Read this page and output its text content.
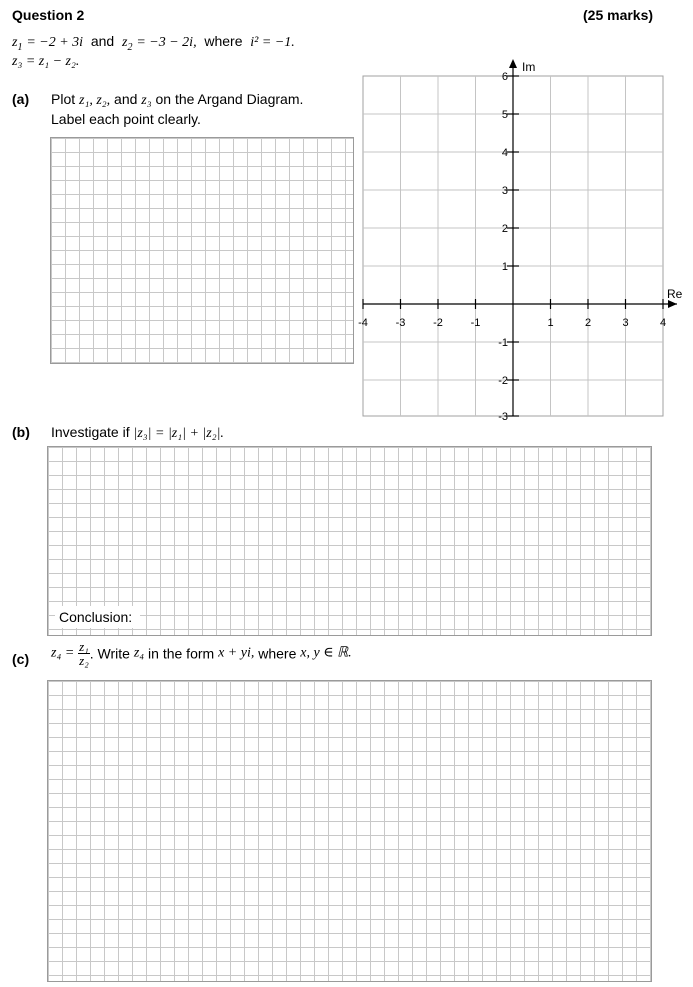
Question 2	(25 marks)
$z_1 = -2 + 3i$ and $z_2 = -3 - 2i$, where i² = −1.
z₃ = z₁ − z₂.
(a) Plot z₁, z₂, and z₃ on the Argand Diagram.
Label each point clearly.
-4	-3	-2	-1	1	2	3	4
6
5
4
3
2
1
-1
-2
-3
Im
Re
(b) Investigate if |z₃| = |z₁| + |z₂|.
Conclusion:
(c) $z_4 = \frac{\text{z₁}}{\text{z₂}}$ . Write z₄ in the form x + yi, where x, y ∈ ℝ.
